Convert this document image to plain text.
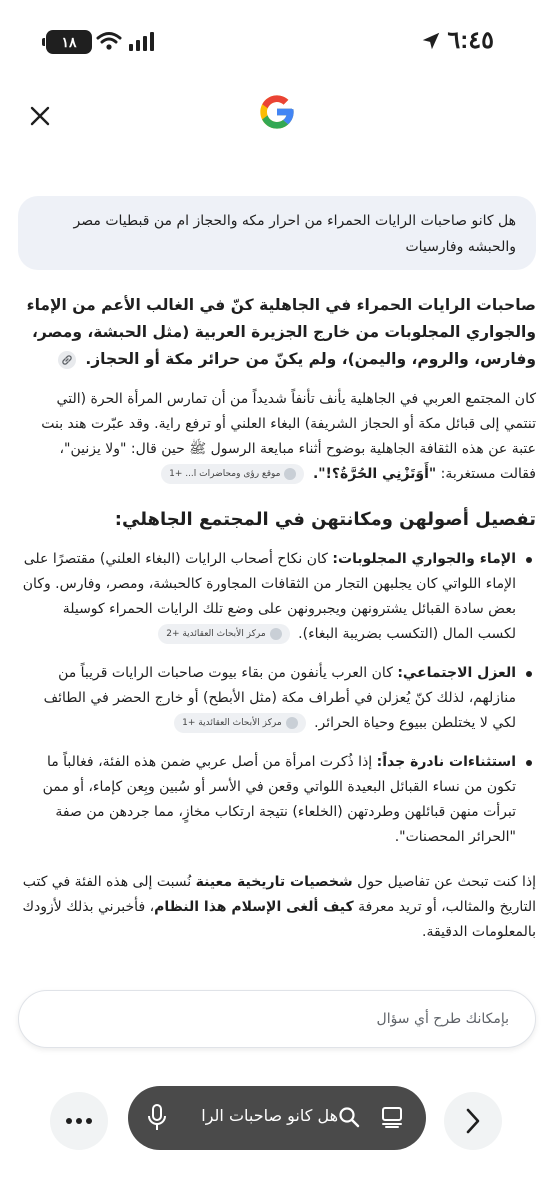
٦:٤٥
١٨
هل كانو صاحبات الرايات الحمراء من احرار مكه والحجاز ام من قبطيات مصر والحبشه وفارسيات

صاحبات الرايات الحمراء في الجاهلية كنّ في الغالب الأعم من الإماء والجواري المجلوبات من خارج الجزيرة العربية (مثل الحبشة، ومصر، وفارس، والروم، واليمن)، ولم يكنّ من حرائر مكة أو الحجاز.

كان المجتمع العربي في الجاهلية يأنف تأنفاً شديداً من أن تمارس المرأة الحرة (التي تنتمي إلى قبائل مكة أو الحجاز الشريفة) البغاء العلني أو ترفع راية. وقد عبّرت هند بنت عتبة عن هذه الثقافة الجاهلية بوضوح أثناء مبايعة الرسول ﷺ حين قال: "ولا يزنين"، فقالت مستغربة: "أَوَتَزْنِي الحُرَّةُ؟!".
موقع رؤى ومحاضرات ا... +1

تفصيل أصولهن ومكانتهن في المجتمع الجاهلي:
الإماء والجواري المجلوبات: كان نكاح أصحاب الرايات (البغاء العلني) مقتصرًا على الإماء اللواتي كان يجلبهن التجار من الثقافات المجاورة كالحبشة، ومصر، وفارس. وكان بعض سادة القبائل يشترونهن ويجبرونهن على وضع تلك الرايات الحمراء كوسيلة لكسب المال (التكسب بضريبة البغاء).
مركز الأبحاث العقائدية +2
العزل الاجتماعي: كان العرب يأنفون من بقاء بيوت صاحبات الرايات قريباً من منازلهم، لذلك كنّ يُعزلن في أطراف مكة (مثل الأبطح) أو خارج الحضر في الطائف لكي لا يختلطن ببيوع وحياة الحرائر.
مركز الأبحاث العقائدية +1
استثناءات نادرة جداً: إذا ذُكرت امرأة من أصل عربي ضمن هذه الفئة، فغالباً ما تكون من نساء القبائل البعيدة اللواتي وقعن في الأسر أو سُبين وبِعن كإماء، أو ممن تبرأت منهن قبائلهن وطردتهن (الخلعاء) نتيجة ارتكاب مخازٍ، مما جردهن من صفة "الحرائر المحصنات".

إذا كنت تبحث عن تفاصيل حول شخصيات تاريخية معينة نُسبت إلى هذه الفئة في كتب التاريخ والمثالب، أو تريد معرفة كيف ألغى الإسلام هذا النظام، فأخبرني بذلك لأزودك بالمعلومات الدقيقة.

بإمكانك طرح أي سؤال
هل كانو صاحبات الرا
